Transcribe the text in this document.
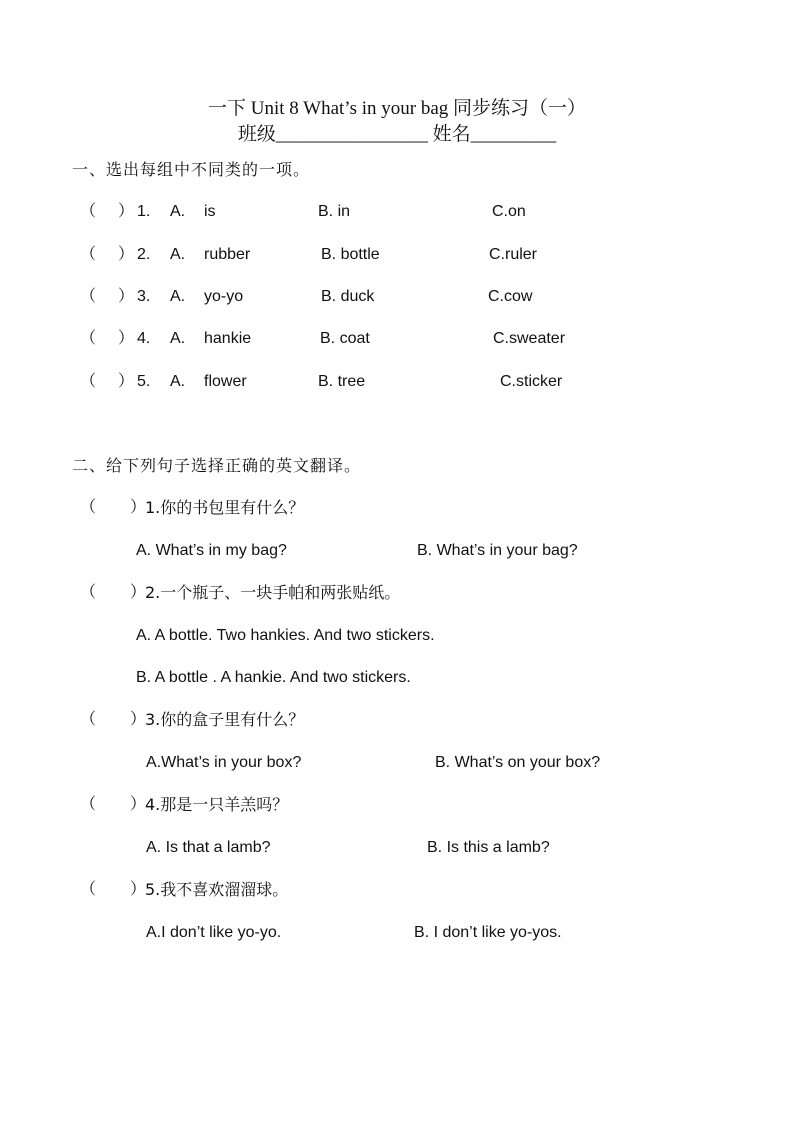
一下 Unit 8 What’s in your bag 同步练习（一）
班级________________ 姓名_________
一、选出每组中不同类的一项。
（ ） 1. A. is	B. in	C.on
（ ） 2. A. rubber	B. bottle	C.ruler
（ ） 3. A. yo-yo	B. duck	C.cow
（ ） 4. A. hankie	B. coat	C.sweater
（ ） 5. A. flower	B. tree	C.sticker
二、给下列句子选择正确的英文翻译。
（ ）
1.你的书包里有什么？
A. What’s in my bag?	B. What’s in your bag?
（ ）
2.一个瓶子、一块手帕和两张贴纸。
A. A bottle. Two hankies. And two stickers.
B. A bottle . A hankie. And two stickers.
（ ）
3.你的盒子里有什么？
A.What’s in your box?	B. What’s on your box?
（ ）
4.那是一只羊羔吗？
A. Is that a lamb?	B. Is this a lamb?
（ ）
5.我不喜欢溜溜球。
A.I don’t like yo-yo.	B. I don’t like yo-yos.
